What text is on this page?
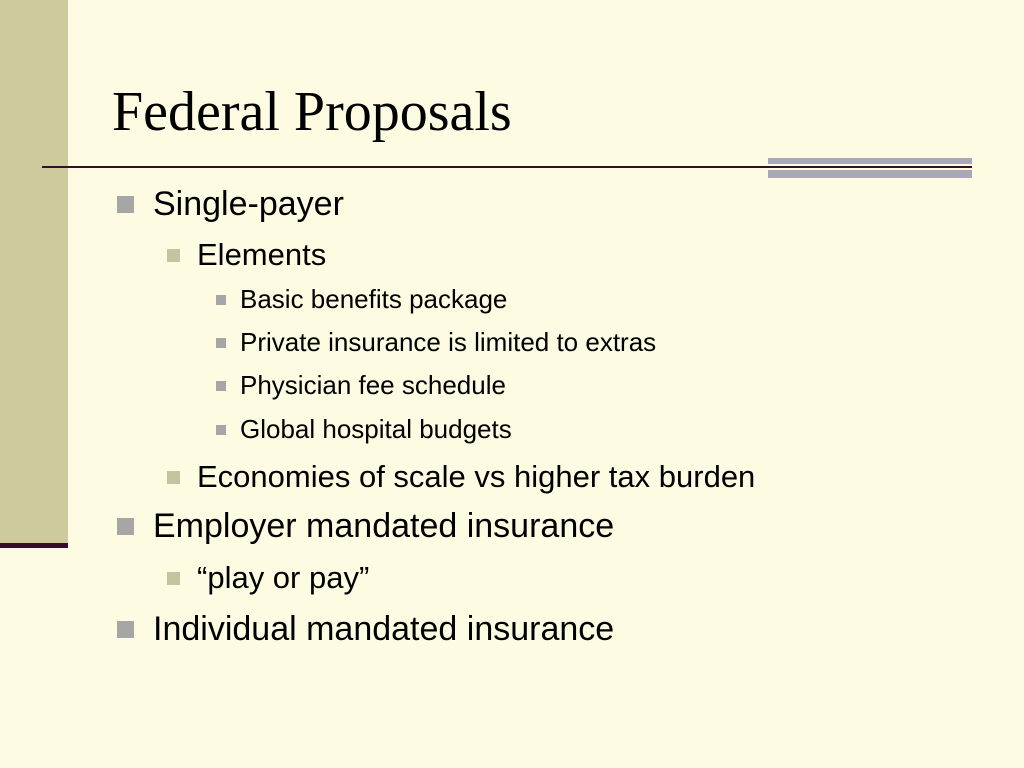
Federal Proposals
Single-payer
Elements
Basic benefits package
Private insurance is limited to extras
Physician fee schedule
Global hospital budgets
Economies of scale vs higher tax burden
Employer mandated insurance
“play or pay”
Individual mandated insurance
